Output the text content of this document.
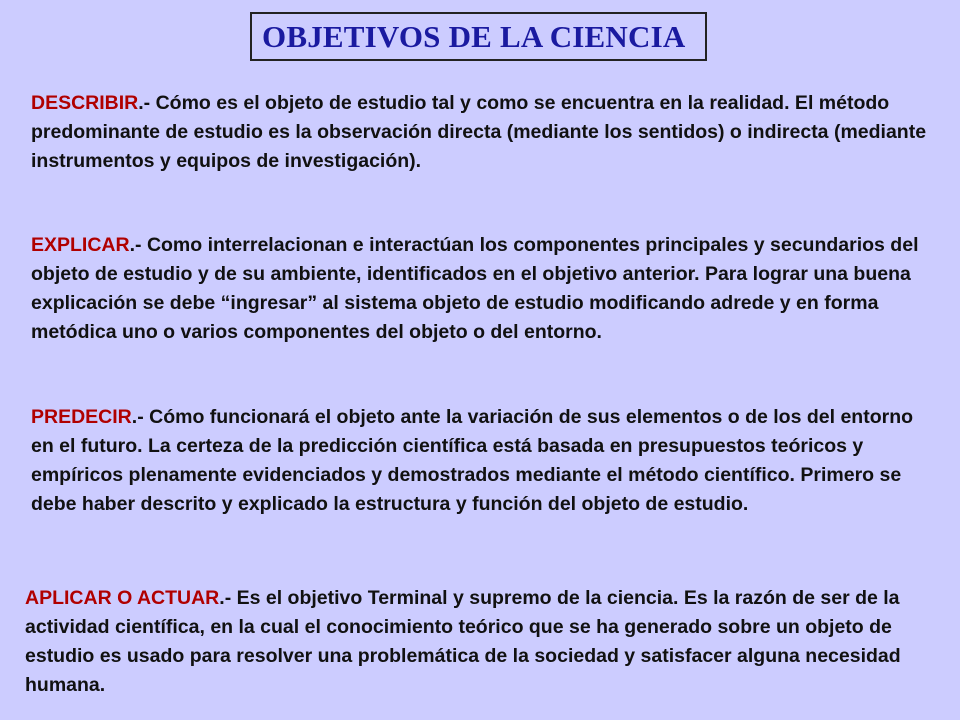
OBJETIVOS DE LA CIENCIA

DESCRIBIR.- Cómo es el objeto de estudio tal y como se encuentra en la realidad. El método predominante de estudio es la observación directa (mediante los sentidos) o indirecta (mediante instrumentos y equipos de investigación).

EXPLICAR.- Como interrelacionan e interactúan los componentes principales y secundarios del objeto de estudio y de su ambiente, identificados en el objetivo anterior. Para lograr una buena explicación se debe “ingresar” al sistema objeto de estudio modificando adrede y en forma metódica uno o varios componentes del objeto o del entorno.

PREDECIR.- Cómo funcionará el objeto ante la variación de sus elementos o de los del entorno en el futuro. La certeza de la predicción científica está basada en presupuestos teóricos y empíricos plenamente evidenciados y demostrados mediante el método científico. Primero se debe haber descrito y explicado la estructura y función del objeto de estudio.

APLICAR O ACTUAR.- Es el objetivo Terminal y supremo de la ciencia. Es la razón de ser de la actividad científica, en la cual el conocimiento teórico que se ha generado sobre un objeto de estudio es usado para resolver una problemática de la sociedad y satisfacer alguna necesidad humana.
